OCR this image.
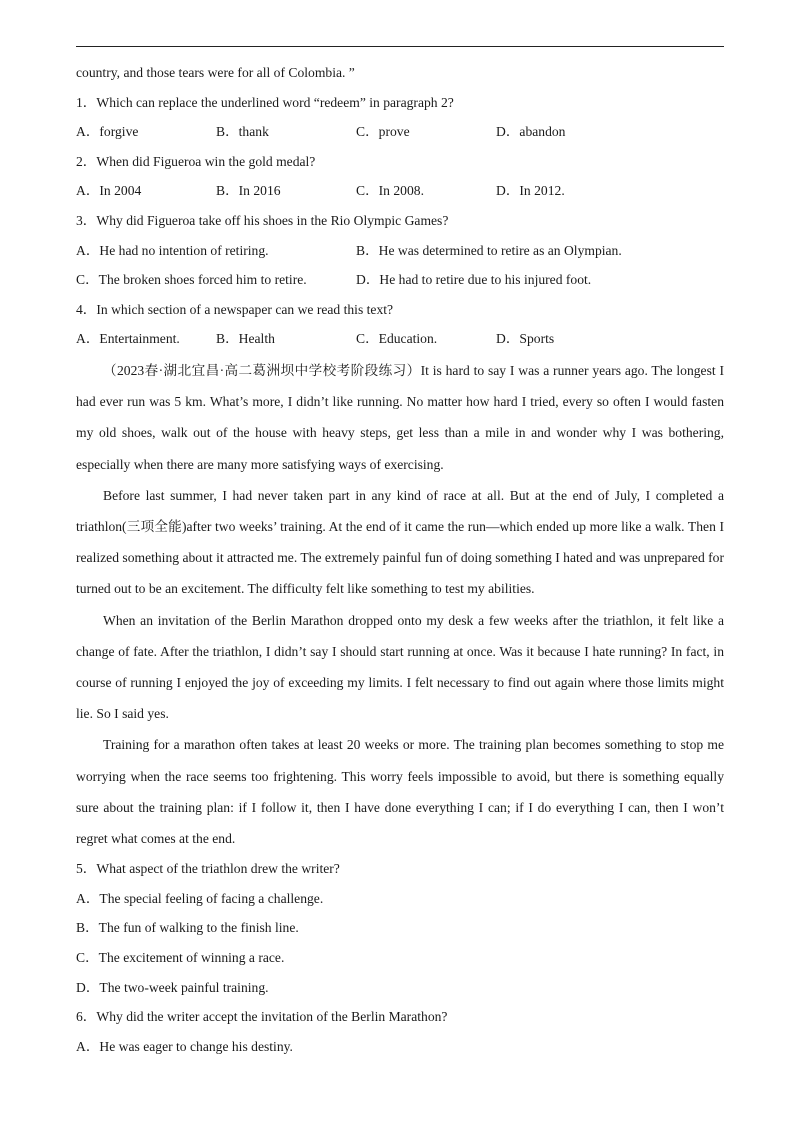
country, and those tears were for all of Colombia. ”
1．Which can replace the underlined word “redeem” in paragraph 2?
A．forgive	B．thank	C．prove	D．abandon
2．When did Figueroa win the gold medal?
A．In 2004	B．In 2016	C．In 2008.	D．In 2012.
3．Why did Figueroa take off his shoes in the Rio Olympic Games?
A．He had no intention of retiring.	B．He was determined to retire as an Olympian.
C．The broken shoes forced him to retire.	D．He had to retire due to his injured foot.
4．In which section of a newspaper can we read this text?
A．Entertainment.	B．Health	C．Education.	D．Sports

（2023春·湖北宜昌·高二葛洲坝中学校考阶段练习）It is hard to say I was a runner years ago. The longest I had ever run was 5 km. What’s more, I didn’t like running. No matter how hard I tried, every so often I would fasten my old shoes, walk out of the house with heavy steps, get less than a mile in and wonder why I was bothering, especially when there are many more satisfying ways of exercising.

Before last summer, I had never taken part in any kind of race at all. But at the end of July, I completed a triathlon(三项全能)after two weeks’ training. At the end of it came the run—which ended up more like a walk. Then I realized something about it attracted me. The extremely painful fun of doing something I hated and was unprepared for turned out to be an excitement. The difficulty felt like something to test my abilities.

When an invitation of the Berlin Marathon dropped onto my desk a few weeks after the triathlon, it felt like a change of fate. After the triathlon, I didn’t say I should start running at once. Was it because I hate running? In fact, in course of running I enjoyed the joy of exceeding my limits. I felt necessary to find out again where those limits might lie. So I said yes.

Training for a marathon often takes at least 20 weeks or more. The training plan becomes something to stop me worrying when the race seems too frightening. This worry feels impossible to avoid, but there is something equally sure about the training plan: if I follow it, then I have done everything I can; if I do everything I can, then I won’t regret what comes at the end.

5．What aspect of the triathlon drew the writer?
A．The special feeling of facing a challenge.
B．The fun of walking to the finish line.
C．The excitement of winning a race.
D．The two-week painful training.
6．Why did the writer accept the invitation of the Berlin Marathon?
A．He was eager to change his destiny.
